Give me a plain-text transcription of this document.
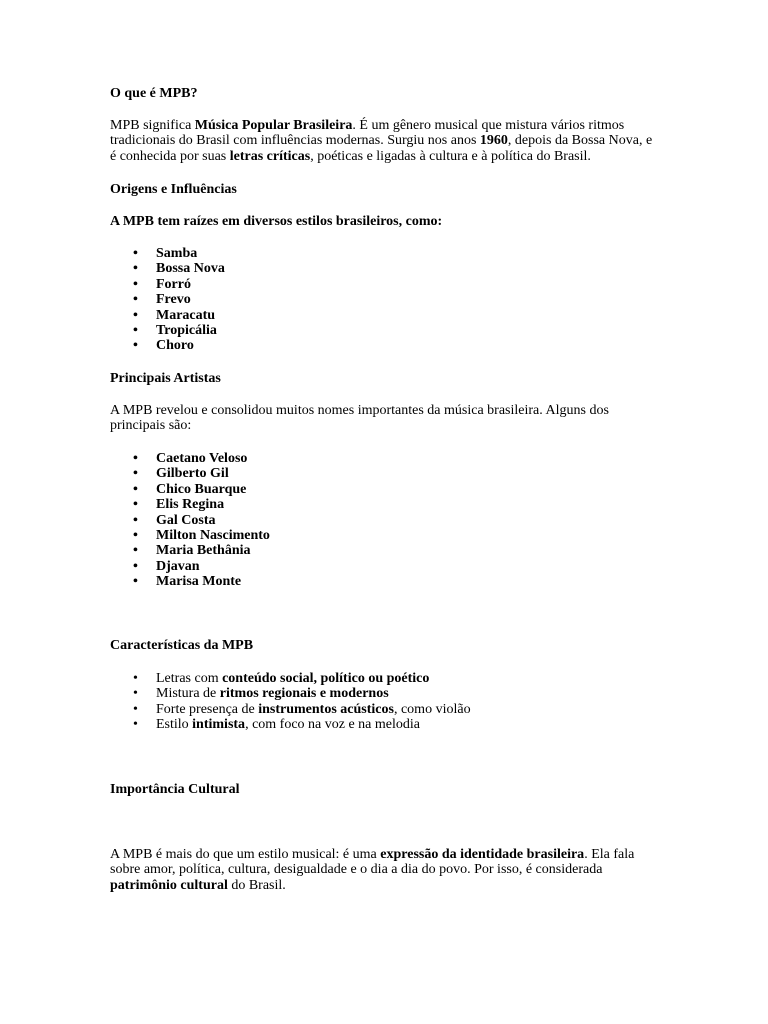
O que é MPB?

MPB significa Música Popular Brasileira. É um gênero musical que mistura vários ritmos tradicionais do Brasil com influências modernas. Surgiu nos anos 1960, depois da Bossa Nova, e é conhecida por suas letras críticas, poéticas e ligadas à cultura e à política do Brasil.

Origens e Influências

A MPB tem raízes em diversos estilos brasileiros, como:

• Samba
• Bossa Nova
• Forró
• Frevo
• Maracatu
• Tropicália
• Choro
Principais Artistas

A MPB revelou e consolidou muitos nomes importantes da música brasileira. Alguns dos principais são:

• Caetano Veloso
• Gilberto Gil
• Chico Buarque
• Elis Regina
• Gal Costa
• Milton Nascimento
• Maria Bethânia
• Djavan
• Marisa Monte
Características da MPB
• Letras com conteúdo social, político ou poético
• Mistura de ritmos regionais e modernos
• Forte presença de instrumentos acústicos, como violão
• Estilo intimista, com foco na voz e na melodia
Importância Cultural

A MPB é mais do que um estilo musical: é uma expressão da identidade brasileira. Ela fala sobre amor, política, cultura, desigualdade e o dia a dia do povo. Por isso, é considerada patrimônio cultural do Brasil.
